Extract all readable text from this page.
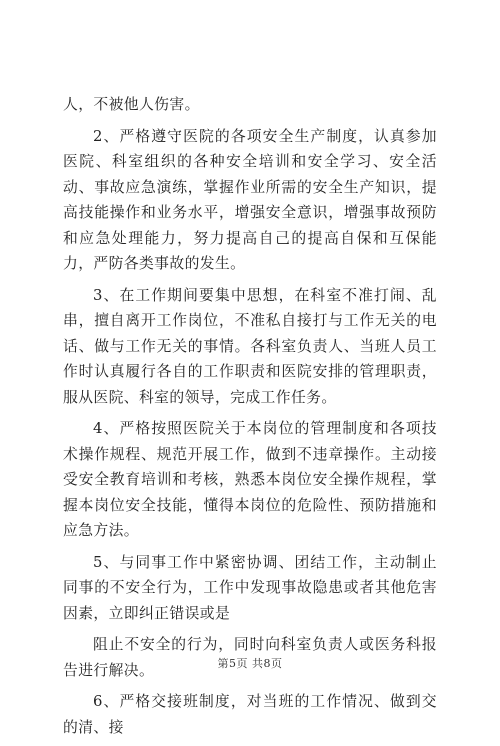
人，不被他人伤害。

2、严格遵守医院的各项安全生产制度，认真参加医院、科室组织的各种安全培训和安全学习、安全活动、事故应急演练，掌握作业所需的安全生产知识，提高技能操作和业务水平，增强安全意识，增强事故预防和应急处理能力，努力提高自己的提高自保和互保能力，严防各类事故的发生。

3、在工作期间要集中思想，在科室不准打闹、乱串，擅自离开工作岗位，不准私自接打与工作无关的电话、做与工作无关的事情。各科室负责人、当班人员工作时认真履行各自的工作职责和医院安排的管理职责，服从医院、科室的领导，完成工作任务。

4、严格按照医院关于本岗位的管理制度和各项技术操作规程、规范开展工作，做到不违章操作。主动接受安全教育培训和考核，熟悉本岗位安全操作规程，掌握本岗位安全技能，懂得本岗位的危险性、预防措施和应急方法。

5、与同事工作中紧密协调、团结工作，主动制止同事的不安全行为，工作中发现事故隐患或者其他危害因素，立即纠正错误或是

阻止不安全的行为，同时向科室负责人或医务科报告进行解决。

6、严格交接班制度，对当班的工作情况、做到交的清、接

第5页 共8页
